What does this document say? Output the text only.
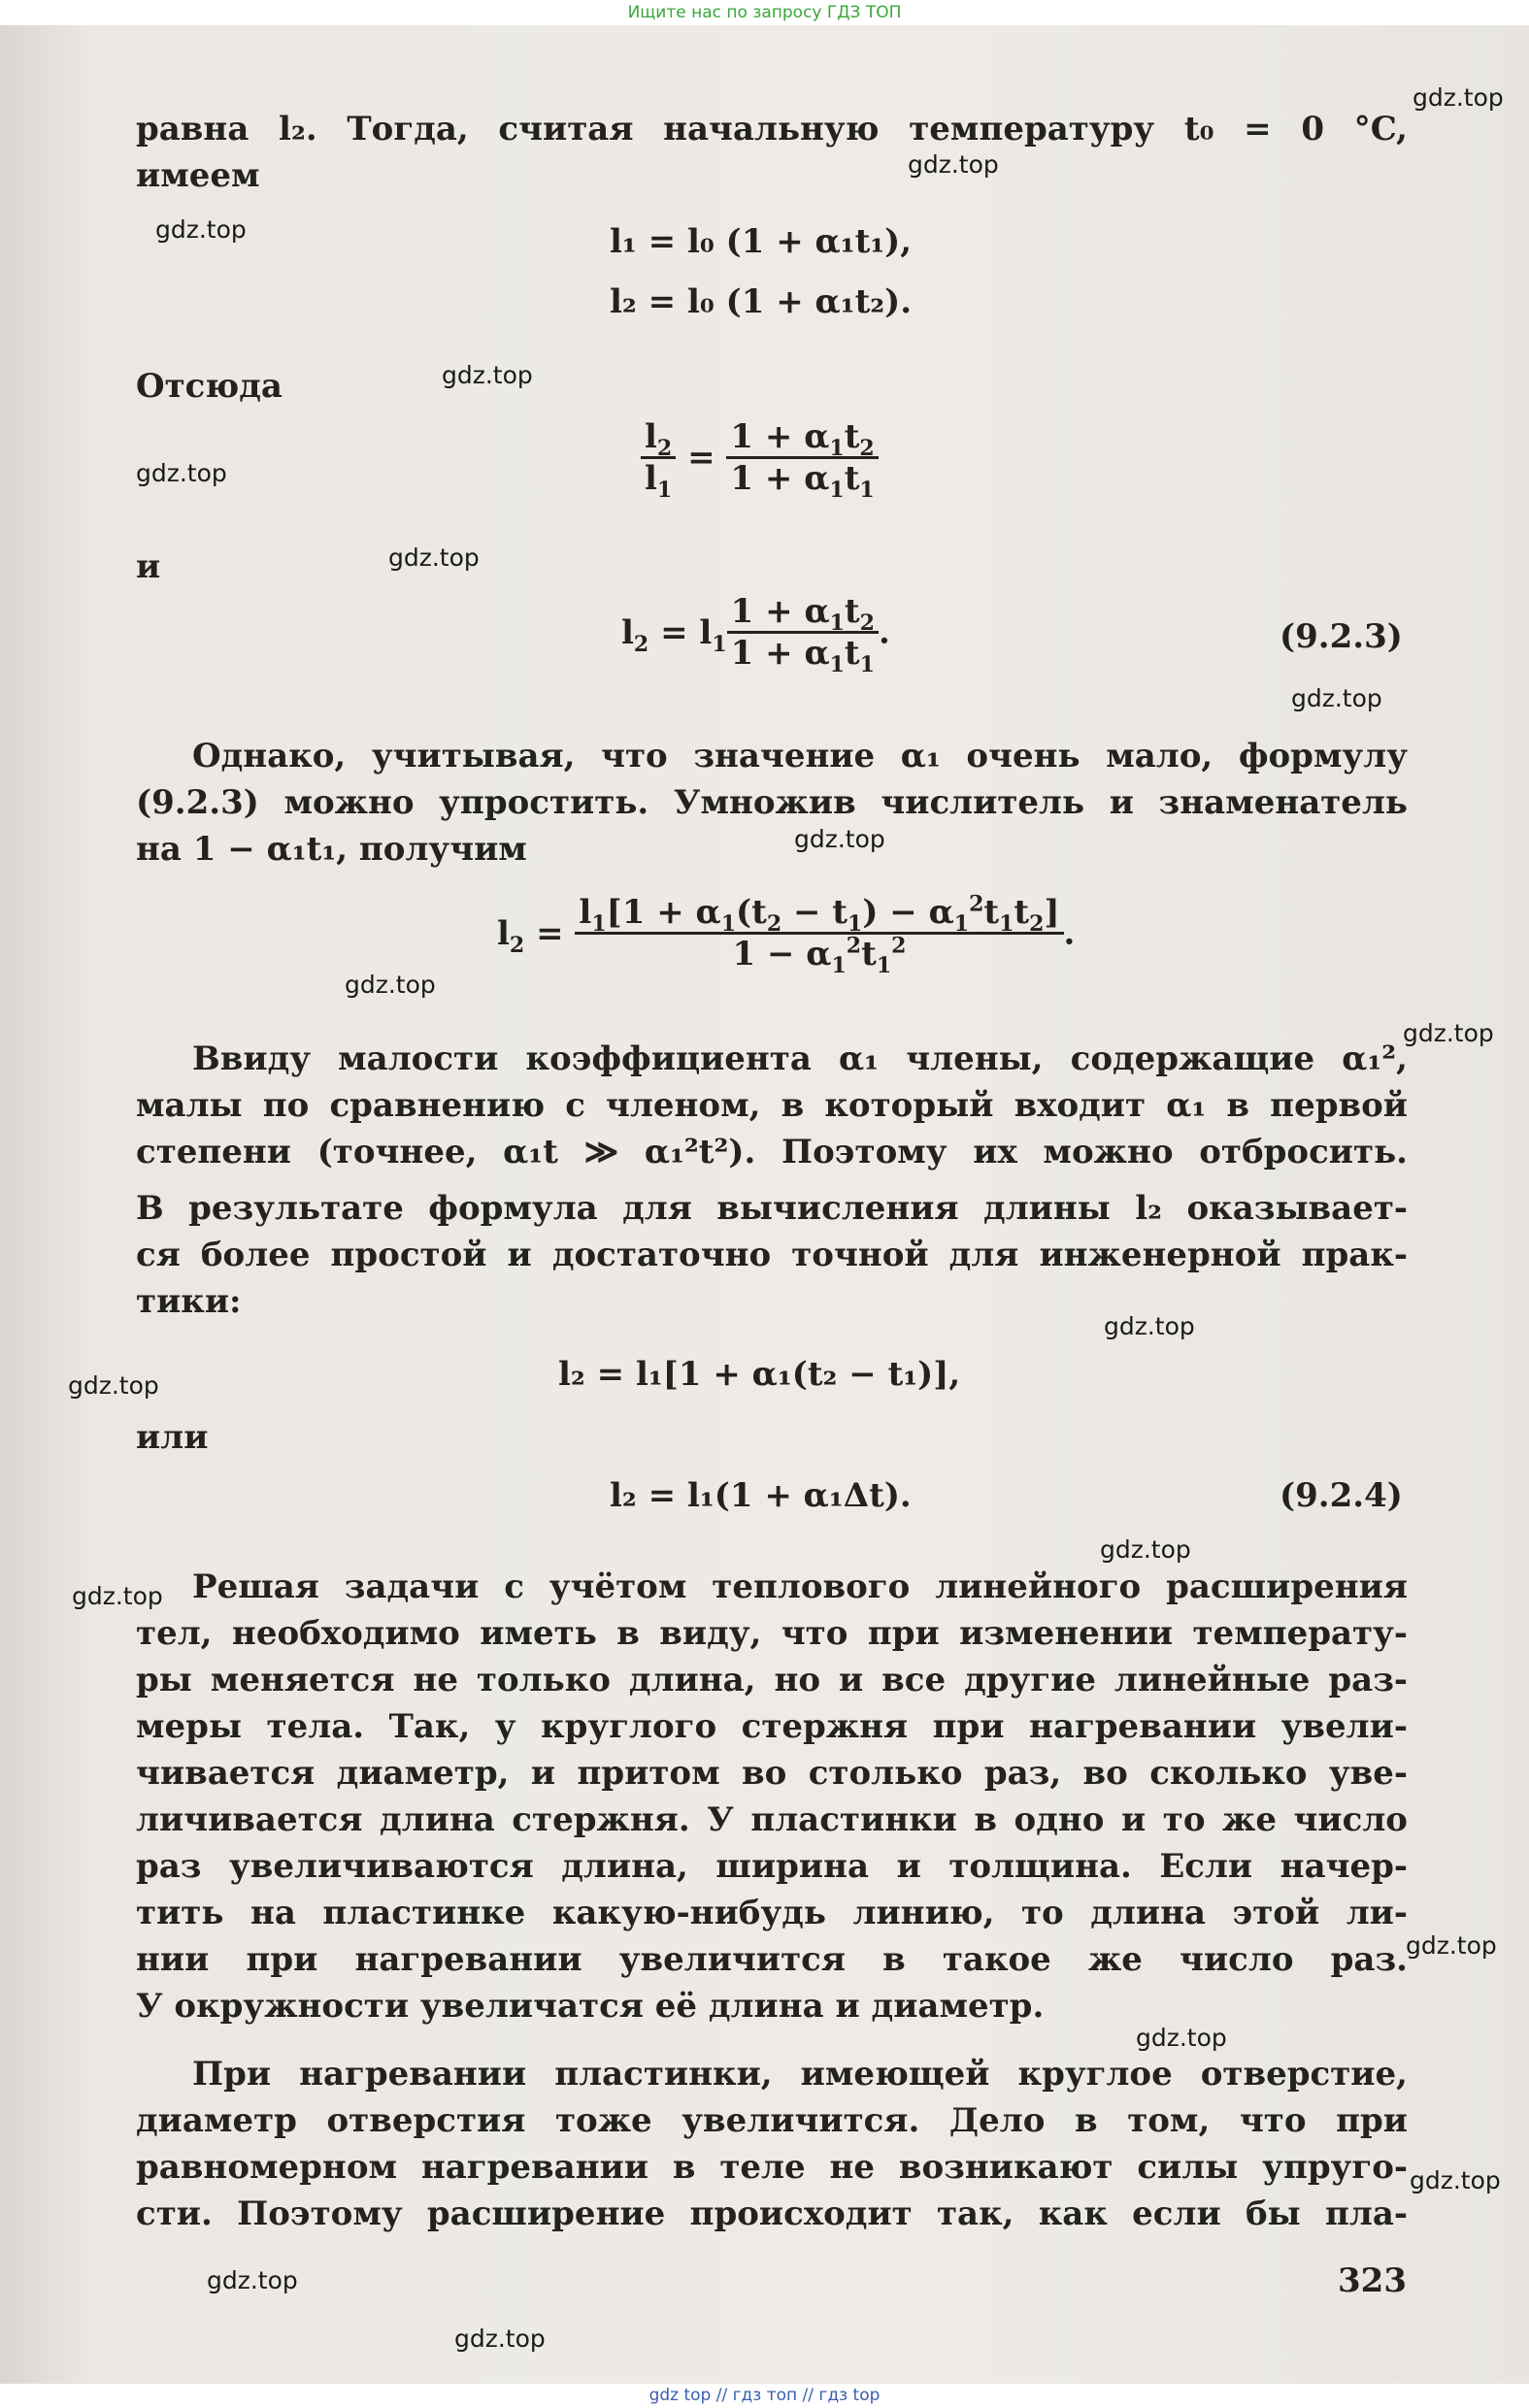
Ищите нас по запросу ГДЗ ТОП
равна l₂. Тогда, считая начальную температуру t₀ = 0 °C,
имеем
l₁ = l₀ (1 + α₁t₁),
l₂ = l₀ (1 + α₁t₂).
Отсюда
$\frac{l_2}{l_1} = \frac{1 + \alpha_1t_2}{1 + \alpha_1t_1}$
и
$l_2 = l_1 \frac{1 + \alpha_1t_2}{1 + \alpha_1t_1}$ .	(9.2.3)
Однако, учитывая, что значение α₁ очень мало, формулу
(9.2.3) можно упростить. Умножив числитель и знаменатель
на 1 − α₁t₁, получим
$l_2 = \frac{l_1[1 + \alpha_1(t_2 - t_1) - \alpha_1^2t_1t_2]}{1 - \alpha_1^2t_1^2}$ .
Ввиду малости коэффициента α₁ члены, содержащие α₁²,
малы по сравнению с членом, в который входит α₁ в первой
степени (точнее, α₁t ≫ α₁²t²). Поэтому их можно отбросить.
В результате формула для вычисления длины l₂ оказывает-
ся более простой и достаточно точной для инженерной прак-
тики:
l₂ = l₁[1 + α₁(t₂ − t₁)],
или
l₂ = l₁(1 + α₁Δt).	(9.2.4)
Решая задачи с учётом теплового линейного расширения
тел, необходимо иметь в виду, что при изменении температу-
ры меняется не только длина, но и все другие линейные раз-
меры тела. Так, у круглого стержня при нагревании увели-
чивается диаметр, и притом во столько раз, во сколько уве-
личивается длина стержня. У пластинки в одно и то же число
раз увеличиваются длина, ширина и толщина. Если начер-
тить на пластинке какую-нибудь линию, то длина этой ли-
нии при нагревании увеличится в такое же число раз.
У окружности увеличатся её длина и диаметр.
При нагревании пластинки, имеющей круглое отверстие,
диаметр отверстия тоже увеличится. Дело в том, что при
равномерном нагревании в теле не возникают силы упруго-
сти. Поэтому расширение происходит так, как если бы пла-
323
gdz.top
gdz.top
gdz.top
gdz.top
gdz.top
gdz.top
gdz.top
gdz.top
gdz.top
gdz.top
gdz.top
gdz.top
gdz.top
gdz.top
gdz.top
gdz.top
gdz.top
gdz.top
gdz.top
gdz top // гдз топ // гдз top
